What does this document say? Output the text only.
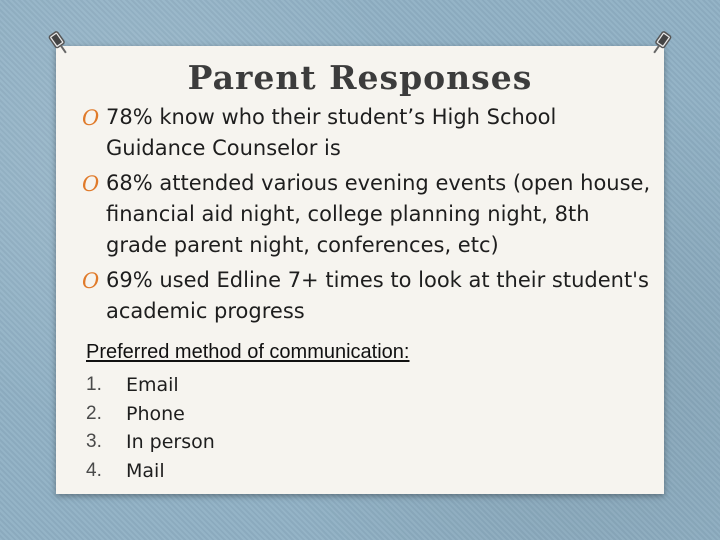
Parent Responses
O 78% know who their student’s High School Guidance Counselor is
O 68% attended various evening events (open house, financial aid night, college planning night, 8th grade parent night, conferences, etc)
O 69% used Edline 7+ times to look at their student's academic progress
Preferred method of communication:
1.	Email
2.	Phone
3.	In person
4.	Mail
